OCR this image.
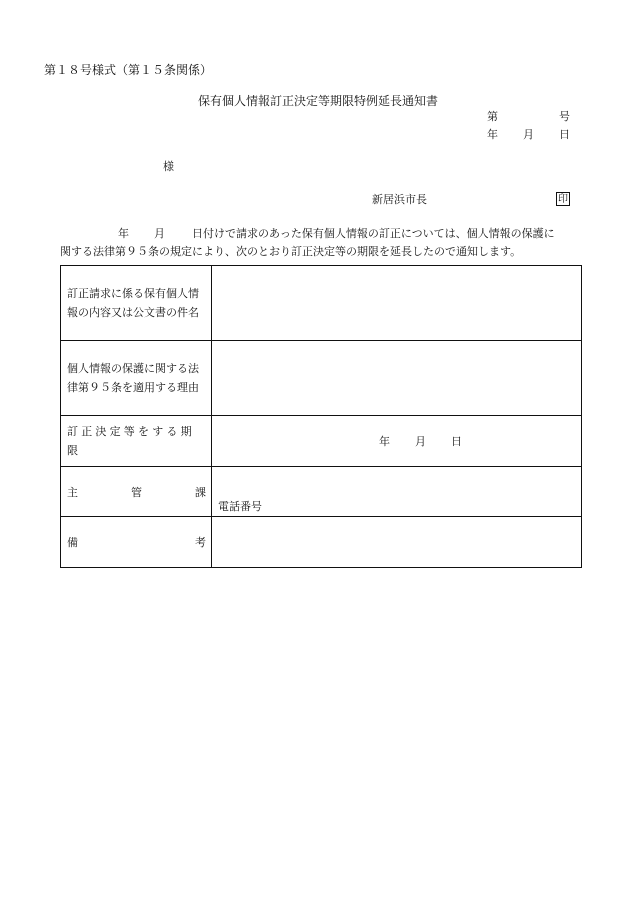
第１８号様式（第１５条関係）
保有個人情報訂正決定等期限特例延長通知書
第	号
年 月 日
様
新居浜市長	印
年 月 日付けで請求のあった保有個人情報の訂正については、個人情報の保護に
関する法律第９５条の規定により、次のとおり訂正決定等の期限を延長したので通知します。
訂正請求に係る保有個人情
報の内容又は公文書の件名	

個人情報の保護に関する法
律第９５条を適用する理由	

訂正決定等をする期限	年 月 日

主 管 課	電話番号

備 考	
